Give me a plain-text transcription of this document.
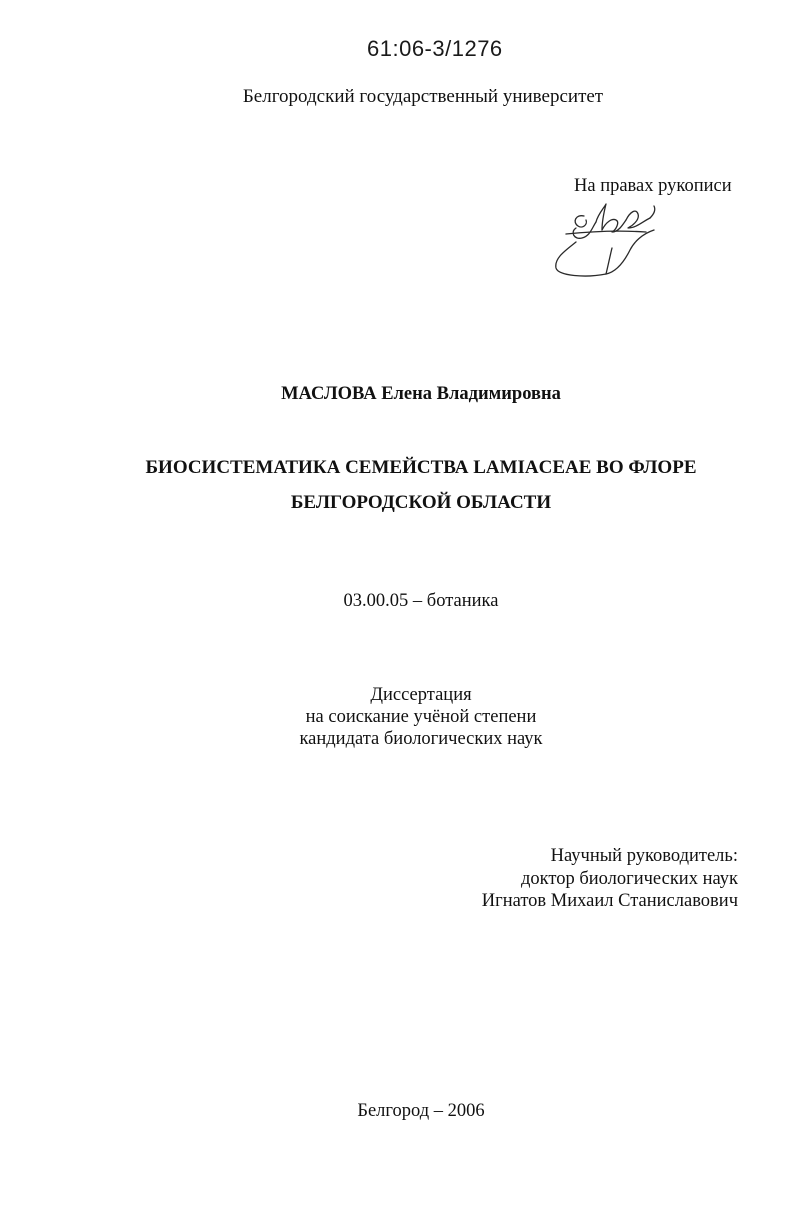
61:06-3/1276
Белгородский государственный университет
На правах рукописи
МАСЛОВА Елена Владимировна
БИОСИСТЕМАТИКА СЕМЕЙСТВА LAMIACEAE ВО ФЛОРЕ
БЕЛГОРОДСКОЙ ОБЛАСТИ
03.00.05 – ботаника
Диссертация
на соискание учёной степени
кандидата биологических наук
Научный руководитель:
доктор биологических наук
Игнатов Михаил Станиславович
Белгород – 2006
